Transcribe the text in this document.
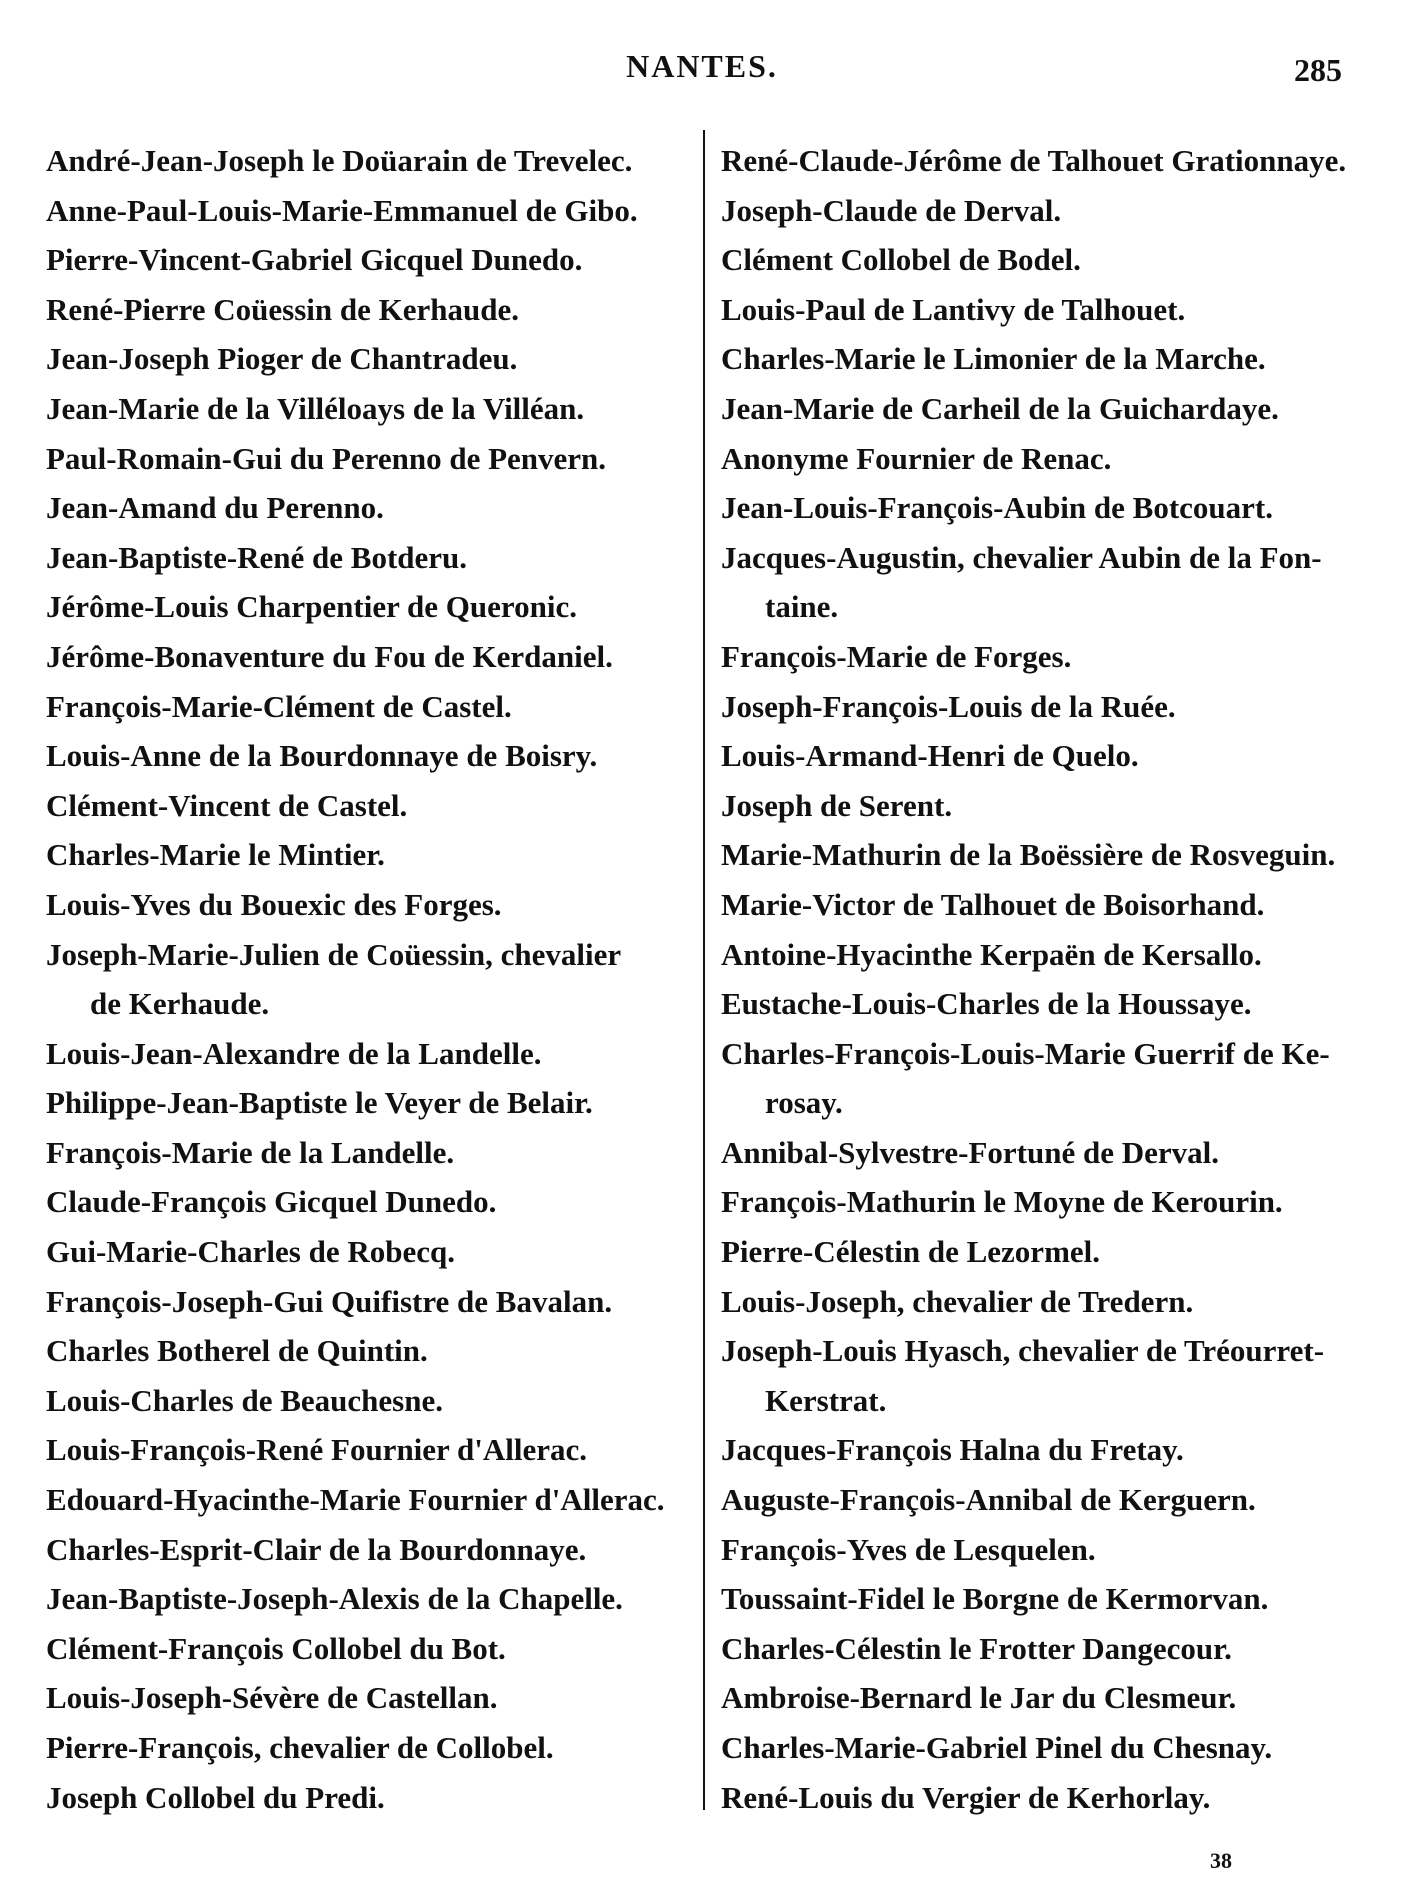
NANTES.	285
André-Jean-Joseph le Doüarain de Trevelec.
Anne-Paul-Louis-Marie-Emmanuel de Gibo.
Pierre-Vincent-Gabriel Gicquel Dunedo.
René-Pierre Coüessin de Kerhaude.
Jean-Joseph Pioger de Chantradeu.
Jean-Marie de la Villéloays de la Villéan.
Paul-Romain-Gui du Perenno de Penvern.
Jean-Amand du Perenno.
Jean-Baptiste-René de Botderu.
Jérôme-Louis Charpentier de Queronic.
Jérôme-Bonaventure du Fou de Kerdaniel.
François-Marie-Clément de Castel.
Louis-Anne de la Bourdonnaye de Boisry.
Clément-Vincent de Castel.
Charles-Marie le Mintier.
Louis-Yves du Bouexic des Forges.
Joseph-Marie-Julien de Coüessin, chevalier
de Kerhaude.
Louis-Jean-Alexandre de la Landelle.
Philippe-Jean-Baptiste le Veyer de Belair.
François-Marie de la Landelle.
Claude-François Gicquel Dunedo.
Gui-Marie-Charles de Robecq.
François-Joseph-Gui Quifistre de Bavalan.
Charles Botherel de Quintin.
Louis-Charles de Beauchesne.
Louis-François-René Fournier d'Allerac.
Edouard-Hyacinthe-Marie Fournier d'Allerac.
Charles-Esprit-Clair de la Bourdonnaye.
Jean-Baptiste-Joseph-Alexis de la Chapelle.
Clément-François Collobel du Bot.
Louis-Joseph-Sévère de Castellan.
Pierre-François, chevalier de Collobel.
Joseph Collobel du Predi.
René-Claude-Jérôme de Talhouet Grationnaye.
Joseph-Claude de Derval.
Clément Collobel de Bodel.
Louis-Paul de Lantivy de Talhouet.
Charles-Marie le Limonier de la Marche.
Jean-Marie de Carheil de la Guichardaye.
Anonyme Fournier de Renac.
Jean-Louis-François-Aubin de Botcouart.
Jacques-Augustin, chevalier Aubin de la Fon-
taine.
François-Marie de Forges.
Joseph-François-Louis de la Ruée.
Louis-Armand-Henri de Quelo.
Joseph de Serent.
Marie-Mathurin de la Boëssière de Rosveguin.
Marie-Victor de Talhouet de Boisorhand.
Antoine-Hyacinthe Kerpaën de Kersallo.
Eustache-Louis-Charles de la Houssaye.
Charles-François-Louis-Marie Guerrif de Ke-
rosay.
Annibal-Sylvestre-Fortuné de Derval.
François-Mathurin le Moyne de Kerourin.
Pierre-Célestin de Lezormel.
Louis-Joseph, chevalier de Tredern.
Joseph-Louis Hyasch, chevalier de Tréourret-
Kerstrat.
Jacques-François Halna du Fretay.
Auguste-François-Annibal de Kerguern.
François-Yves de Lesquelen.
Toussaint-Fidel le Borgne de Kermorvan.
Charles-Célestin le Frotter Dangecour.
Ambroise-Bernard le Jar du Clesmeur.
Charles-Marie-Gabriel Pinel du Chesnay.
René-Louis du Vergier de Kerhorlay.
38
